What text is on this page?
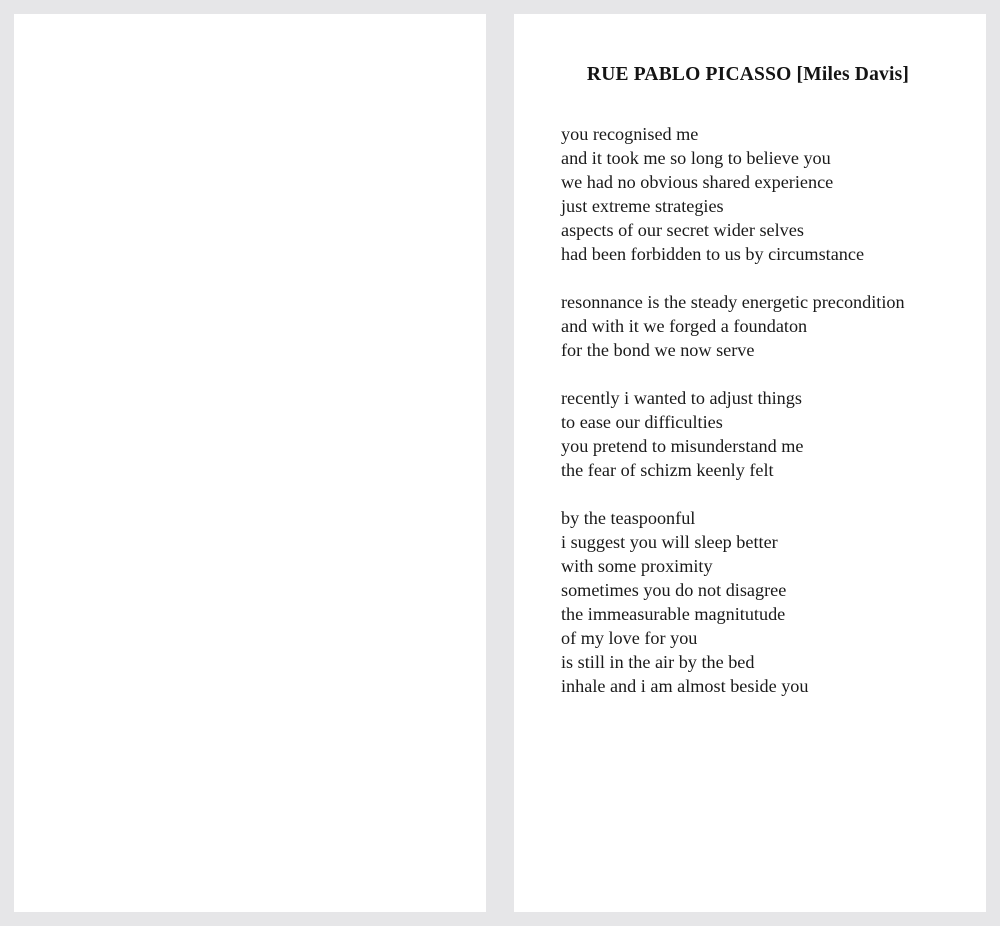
RUE PABLO PICASSO [Miles Davis]
you recognised me
and it took me so long to believe you
we had no obvious shared experience
just extreme strategies
aspects of our secret wider selves
had been forbidden to us by circumstance
resonnance is the steady energetic precondition
and with it we forged a foundaton
for the bond we now serve
recently i wanted to adjust things
to ease our difficulties
you pretend to misunderstand me
the fear of schizm keenly felt
by the teaspoonful
i suggest you will sleep better
with some proximity
sometimes you do not disagree
the immeasurable magnitutude
of my love for you
is still in the air by the bed
inhale and i am almost beside you
